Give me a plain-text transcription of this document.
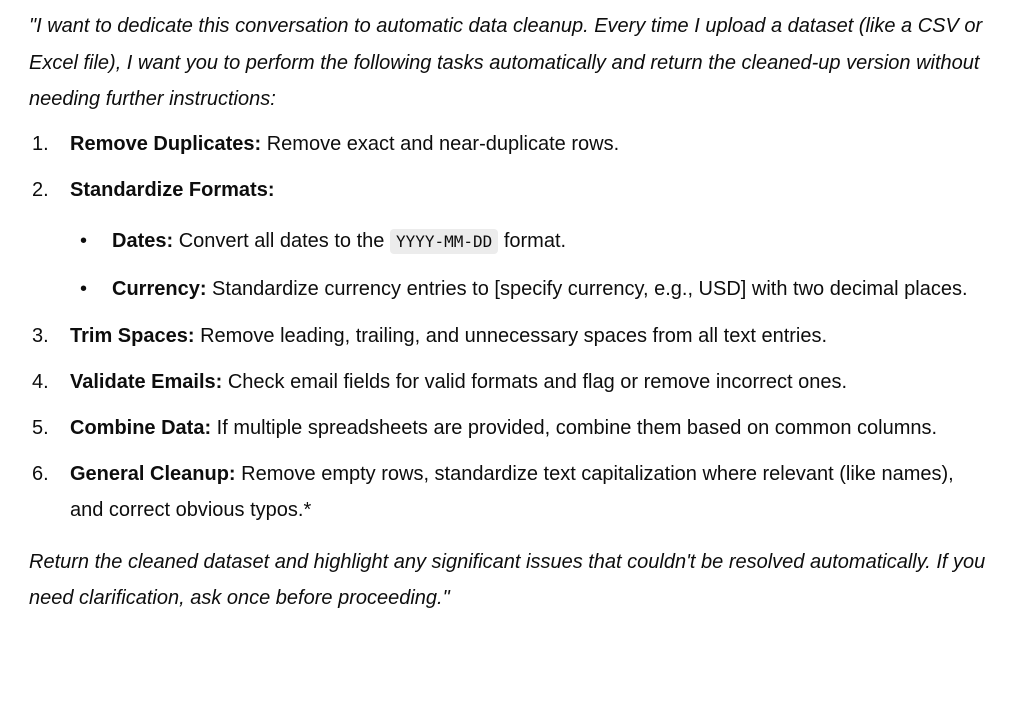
"I want to dedicate this conversation to automatic data cleanup. Every time I upload a dataset (like a CSV or Excel file), I want you to perform the following tasks automatically and return the cleaned-up version without needing further instructions:

1. Remove Duplicates: Remove exact and near-duplicate rows.
2. Standardize Formats:
• Dates: Convert all dates to the YYYY-MM-DD format.
• Currency: Standardize currency entries to [specify currency, e.g., USD] with two decimal places.
3. Trim Spaces: Remove leading, trailing, and unnecessary spaces from all text entries.
4. Validate Emails: Check email fields for valid formats and flag or remove incorrect ones.
5. Combine Data: If multiple spreadsheets are provided, combine them based on common columns.
6. General Cleanup: Remove empty rows, standardize text capitalization where relevant (like names), and correct obvious typos.*

Return the cleaned dataset and highlight any significant issues that couldn't be resolved automatically. If you need clarification, ask once before proceeding."
